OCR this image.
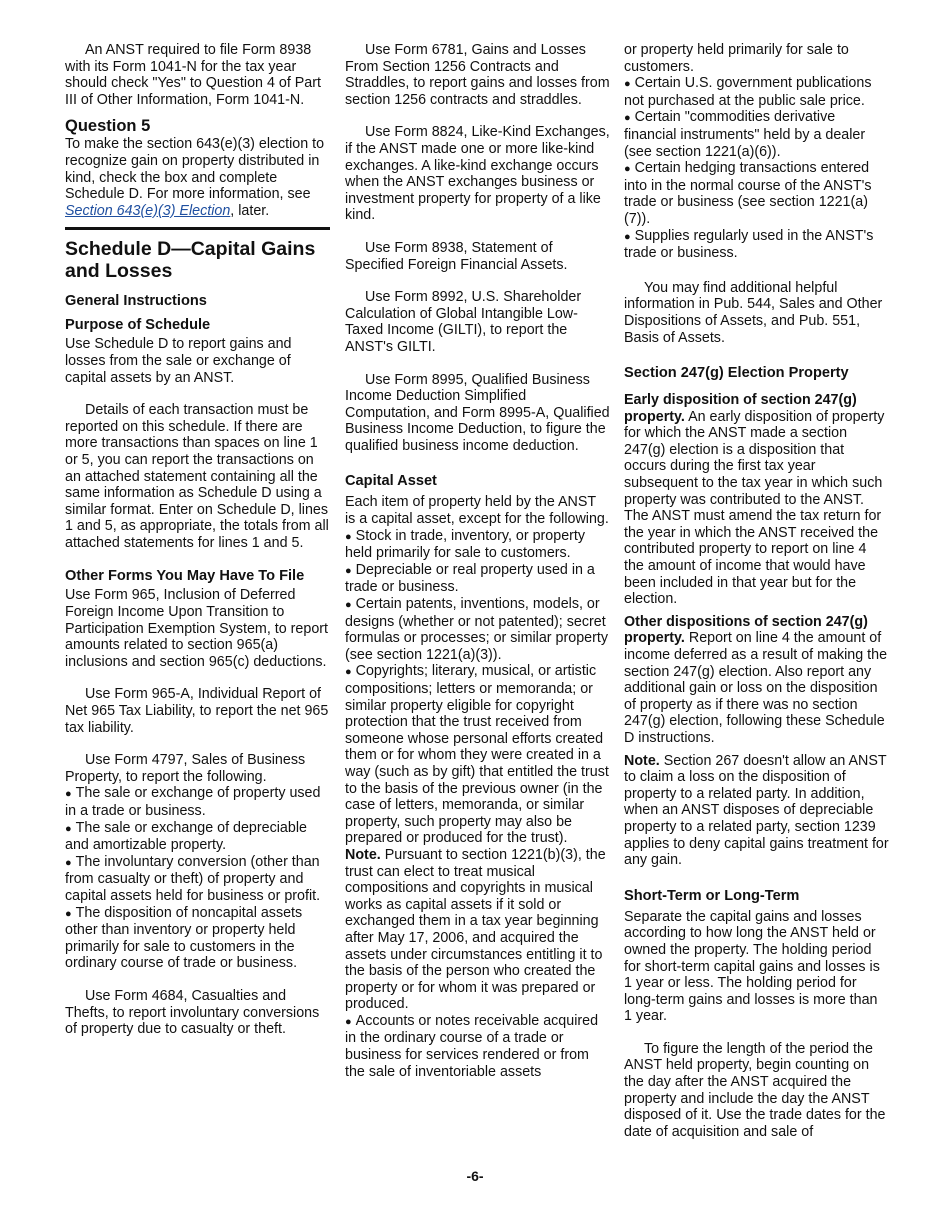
An ANST required to file Form 8938 with its Form 1041-N for the tax year should check "Yes" to Question 4 of Part III of Other Information, Form 1041-N.

Question 5

To make the section 643(e)(3) election to recognize gain on property distributed in kind, check the box and complete Schedule D. For more information, see Section 643(e)(3) Election, later.

Schedule D—Capital Gains and Losses
General Instructions
Purpose of Schedule

Use Schedule D to report gains and losses from the sale or exchange of capital assets by an ANST.

Details of each transaction must be reported on this schedule. If there are more transactions than spaces on line 1 or 5, you can report the transactions on an attached statement containing all the same information as Schedule D using a similar format. Enter on Schedule D, lines 1 and 5, as appropriate, the totals from all attached statements for lines 1 and 5.

Other Forms You May Have To File

Use Form 965, Inclusion of Deferred Foreign Income Upon Transition to Participation Exemption System, to report amounts related to section 965(a) inclusions and section 965(c) deductions.

Use Form 965-A, Individual Report of Net 965 Tax Liability, to report the net 965 tax liability.

Use Form 4797, Sales of Business Property, to report the following.

● The sale or exchange of property used in a trade or business.

● The sale or exchange of depreciable and amortizable property.

● The involuntary conversion (other than from casualty or theft) of property and capital assets held for business or profit.

● The disposition of noncapital assets other than inventory or property held primarily for sale to customers in the ordinary course of trade or business.

Use Form 4684, Casualties and Thefts, to report involuntary conversions of property due to casualty or theft.

Use Form 6781, Gains and Losses From Section 1256 Contracts and Straddles, to report gains and losses from section 1256 contracts and straddles.

Use Form 8824, Like-Kind Exchanges, if the ANST made one or more like-kind exchanges. A like-kind exchange occurs when the ANST exchanges business or investment property for property of a like kind.

Use Form 8938, Statement of Specified Foreign Financial Assets.

Use Form 8992, U.S. Shareholder Calculation of Global Intangible Low-Taxed Income (GILTI), to report the ANST's GILTI.

Use Form 8995, Qualified Business Income Deduction Simplified Computation, and Form 8995-A, Qualified Business Income Deduction, to figure the qualified business income deduction.

Capital Asset

Each item of property held by the ANST is a capital asset, except for the following.

● Stock in trade, inventory, or property held primarily for sale to customers.

● Depreciable or real property used in a trade or business.

● Certain patents, inventions, models, or designs (whether or not patented); secret formulas or processes; or similar property (see section 1221(a)(3)).

● Copyrights; literary, musical, or artistic compositions; letters or memoranda; or similar property eligible for copyright protection that the trust received from someone whose personal efforts created them or for whom they were created in a way (such as by gift) that entitled the trust to the basis of the previous owner (in the case of letters, memoranda, or similar property, such property may also be prepared or produced for the trust).

Note. Pursuant to section 1221(b)(3), the trust can elect to treat musical compositions and copyrights in musical works as capital assets if it sold or exchanged them in a tax year beginning after May 17, 2006, and acquired the assets under circumstances entitling it to the basis of the person who created the property or for whom it was prepared or produced.

● Accounts or notes receivable acquired in the ordinary course of a trade or business for services rendered or from the sale of inventoriable assets

or property held primarily for sale to customers.

● Certain U.S. government publications not purchased at the public sale price.

● Certain "commodities derivative financial instruments" held by a dealer (see section 1221(a)(6)).

● Certain hedging transactions entered into in the normal course of the ANST's trade or business (see section 1221(a)(7)).

● Supplies regularly used in the ANST's trade or business.

You may find additional helpful information in Pub. 544, Sales and Other Dispositions of Assets, and Pub. 551, Basis of Assets.

Section 247(g) Election Property

Early disposition of section 247(g) property. An early disposition of property for which the ANST made a section 247(g) election is a disposition that occurs during the first tax year subsequent to the tax year in which such property was contributed to the ANST. The ANST must amend the tax return for the year in which the ANST received the contributed property to report on line 4 the amount of income that would have been included in that year but for the election.

Other dispositions of section 247(g) property. Report on line 4 the amount of income deferred as a result of making the section 247(g) election. Also report any additional gain or loss on the disposition of property as if there was no section 247(g) election, following these Schedule D instructions.

Note. Section 267 doesn't allow an ANST to claim a loss on the disposition of property to a related party. In addition, when an ANST disposes of depreciable property to a related party, section 1239 applies to deny capital gains treatment for any gain.

Short-Term or Long-Term

Separate the capital gains and losses according to how long the ANST held or owned the property. The holding period for short-term capital gains and losses is 1 year or less. The holding period for long-term gains and losses is more than 1 year.

To figure the length of the period the ANST held property, begin counting on the day after the ANST acquired the property and include the day the ANST disposed of it. Use the trade dates for the date of acquisition and sale of

-6-
